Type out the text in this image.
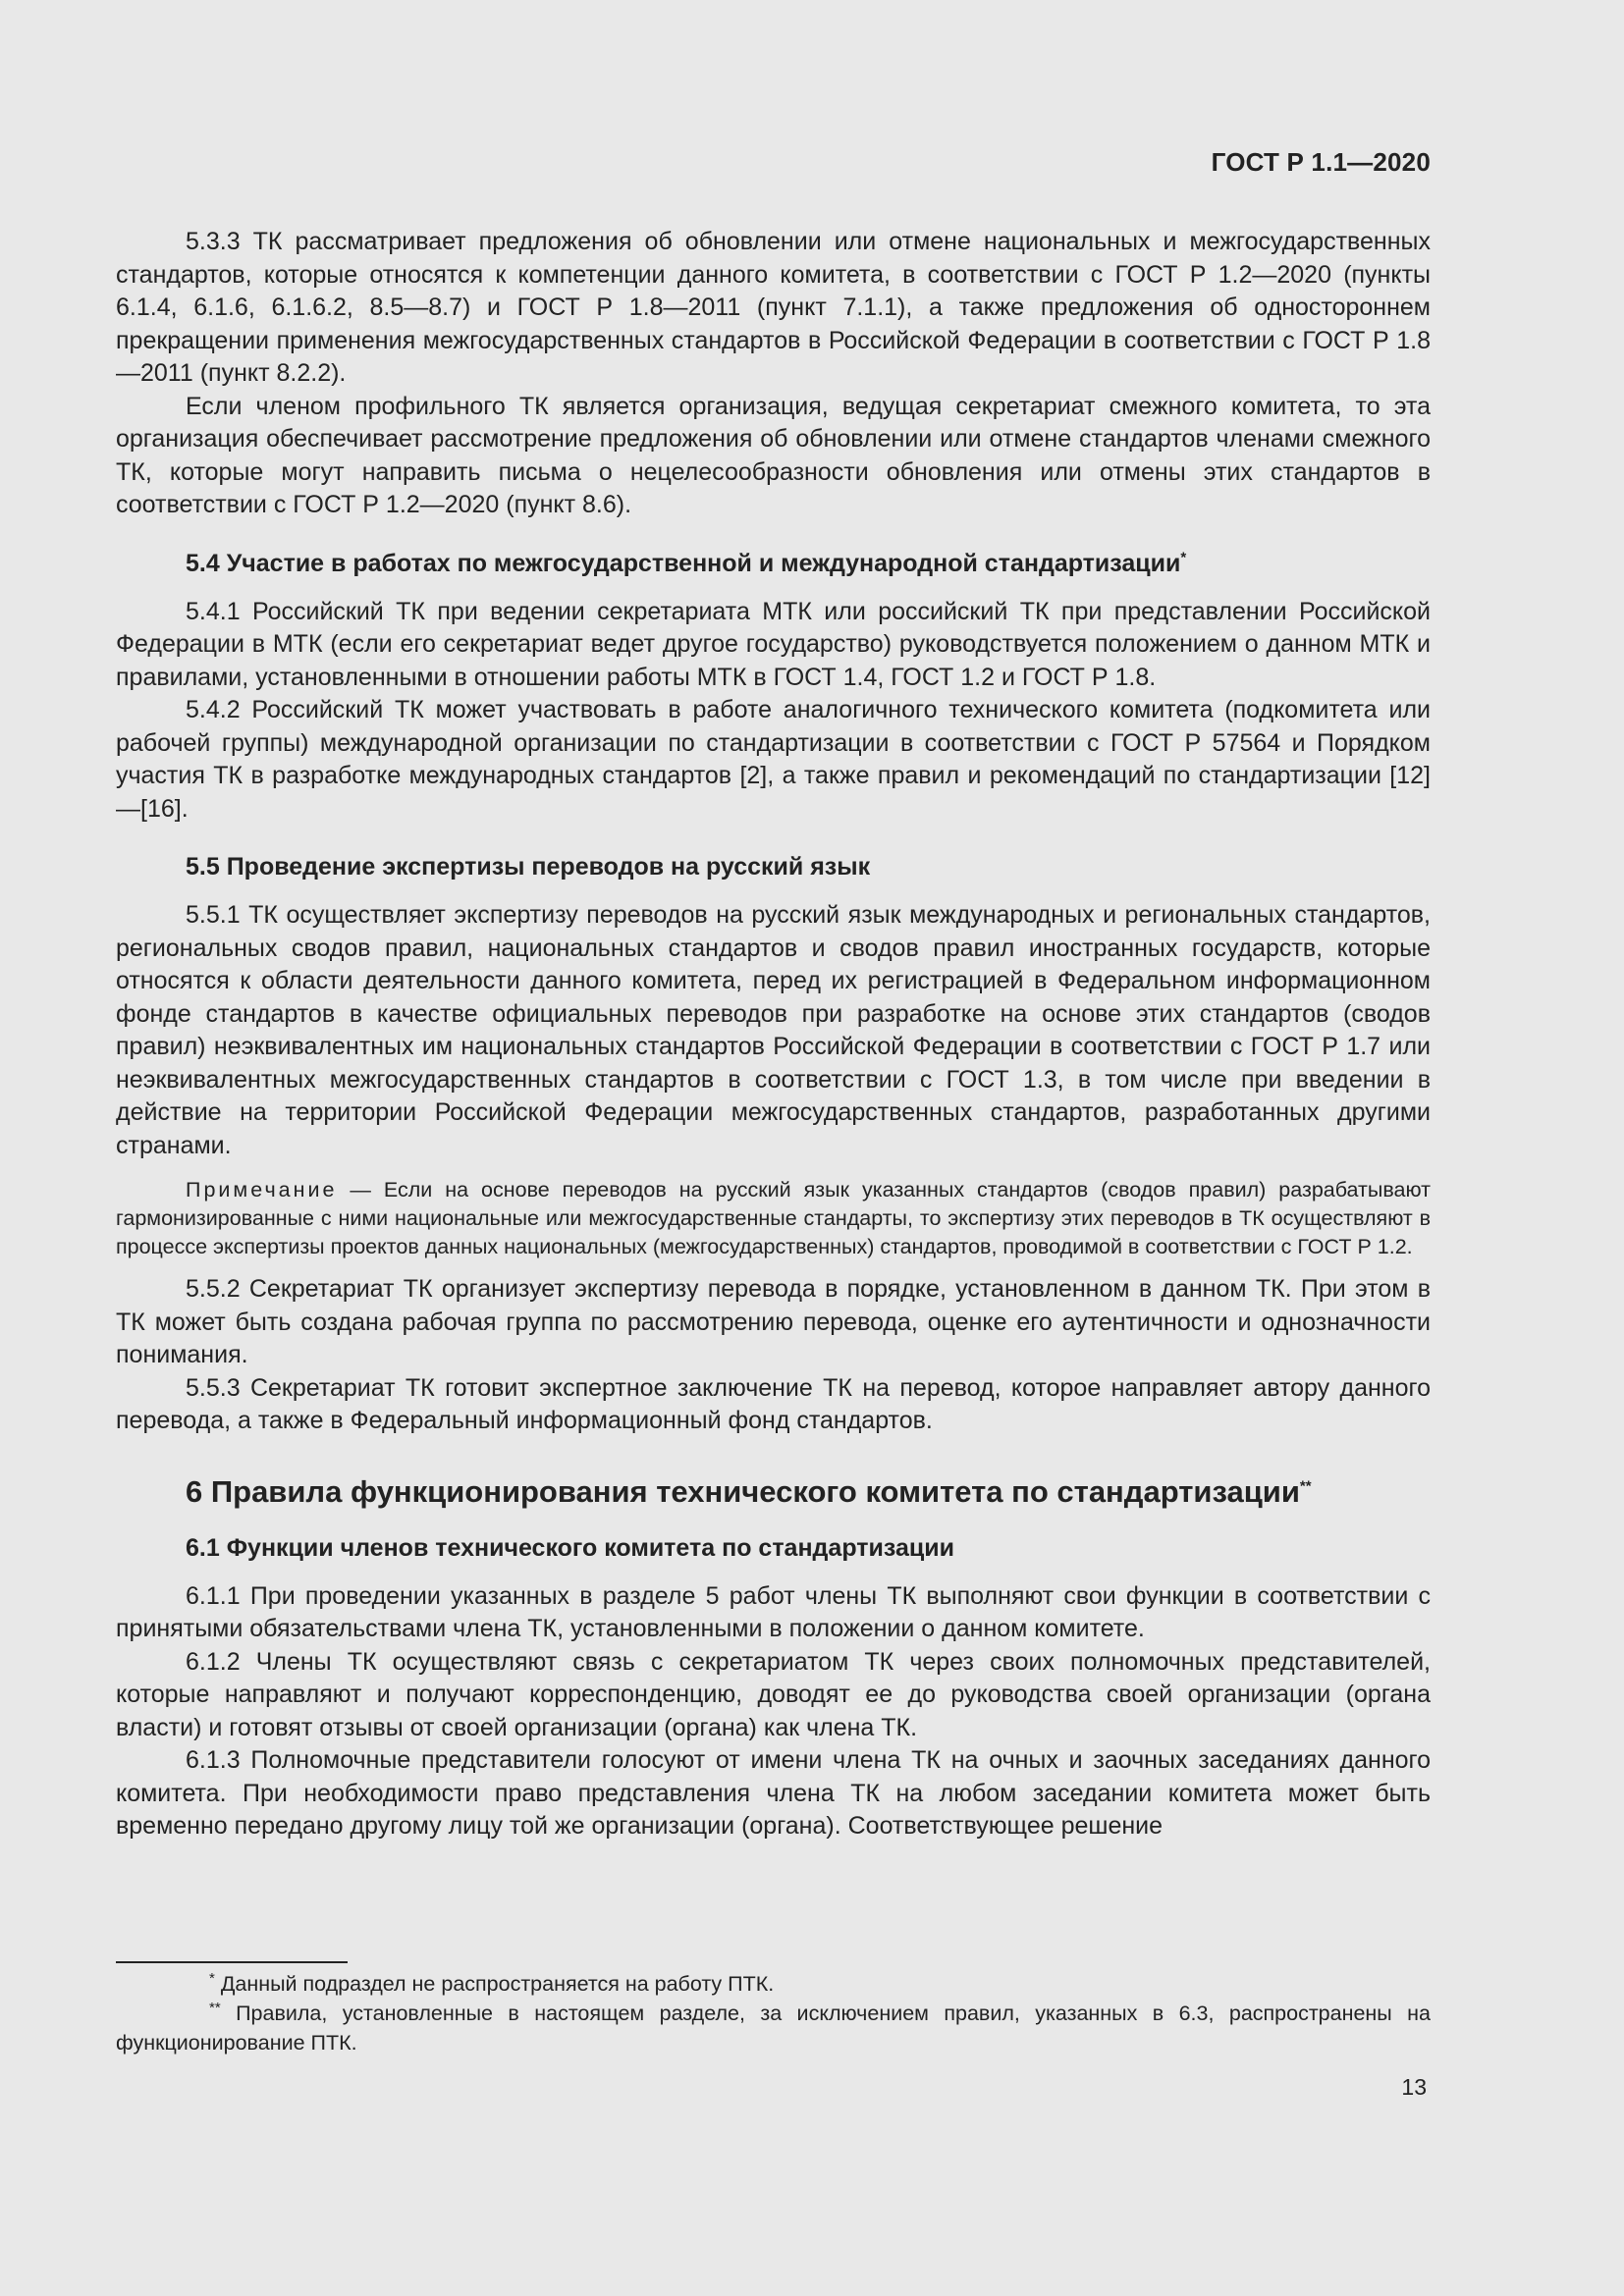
ГОСТ Р 1.1—2020

5.3.3 ТК рассматривает предложения об обновлении или отмене национальных и межгосударственных стандартов, которые относятся к компетенции данного комитета, в соответствии с ГОСТ Р 1.2—2020 (пункты 6.1.4, 6.1.6, 6.1.6.2, 8.5—8.7) и ГОСТ Р 1.8—2011 (пункт 7.1.1), а также предложения об одностороннем прекращении применения межгосударственных стандартов в Российской Федерации в соответствии с ГОСТ Р 1.8—2011 (пункт 8.2.2).

Если членом профильного ТК является организация, ведущая секретариат смежного комитета, то эта организация обеспечивает рассмотрение предложения об обновлении или отмене стандартов членами смежного ТК, которые могут направить письма о нецелесообразности обновления или отмены этих стандартов в соответствии с ГОСТ Р 1.2—2020 (пункт 8.6).

5.4 Участие в работах по межгосударственной и международной стандартизации*

5.4.1 Российский ТК при ведении секретариата МТК или российский ТК при представлении Российской Федерации в МТК (если его секретариат ведет другое государство) руководствуется положением о данном МТК и правилами, установленными в отношении работы МТК в ГОСТ 1.4, ГОСТ 1.2 и ГОСТ Р 1.8.

5.4.2 Российский ТК может участвовать в работе аналогичного технического комитета (подкомитета или рабочей группы) международной организации по стандартизации в соответствии с ГОСТ Р 57564 и Порядком участия ТК в разработке международных стандартов [2], а также правил и рекомендаций по стандартизации [12]—[16].

5.5 Проведение экспертизы переводов на русский язык

5.5.1 ТК осуществляет экспертизу переводов на русский язык международных и региональных стандартов, региональных сводов правил, национальных стандартов и сводов правил иностранных государств, которые относятся к области деятельности данного комитета, перед их регистрацией в Федеральном информационном фонде стандартов в качестве официальных переводов при разработке на основе этих стандартов (сводов правил) неэквивалентных им национальных стандартов Российской Федерации в соответствии с ГОСТ Р 1.7 или неэквивалентных межгосударственных стандартов в соответствии с ГОСТ 1.3, в том числе при введении в действие на территории Российской Федерации межгосударственных стандартов, разработанных другими странами.

Примечание — Если на основе переводов на русский язык указанных стандартов (сводов правил) разрабатывают гармонизированные с ними национальные или межгосударственные стандарты, то экспертизу этих переводов в ТК осуществляют в процессе экспертизы проектов данных национальных (межгосударственных) стандартов, проводимой в соответствии с ГОСТ Р 1.2.

5.5.2 Секретариат ТК организует экспертизу перевода в порядке, установленном в данном ТК. При этом в ТК может быть создана рабочая группа по рассмотрению перевода, оценке его аутентичности и однозначности понимания.

5.5.3 Секретариат ТК готовит экспертное заключение ТК на перевод, которое направляет автору данного перевода, а также в Федеральный информационный фонд стандартов.

6 Правила функционирования технического комитета по стандартизации**
6.1 Функции членов технического комитета по стандартизации

6.1.1 При проведении указанных в разделе 5 работ члены ТК выполняют свои функции в соответствии с принятыми обязательствами члена ТК, установленными в положении о данном комитете.

6.1.2 Члены ТК осуществляют связь с секретариатом ТК через своих полномочных представителей, которые направляют и получают корреспонденцию, доводят ее до руководства своей организации (органа власти) и готовят отзывы от своей организации (органа) как члена ТК.

6.1.3 Полномочные представители голосуют от имени члена ТК на очных и заочных заседаниях данного комитета. При необходимости право представления члена ТК на любом заседании комитета может быть временно передано другому лицу той же организации (органа). Соответствующее решение

* Данный подраздел не распространяется на работу ПТК.

** Правила, установленные в настоящем разделе, за исключением правил, указанных в 6.3, распространены на функционирование ПТК.

13
